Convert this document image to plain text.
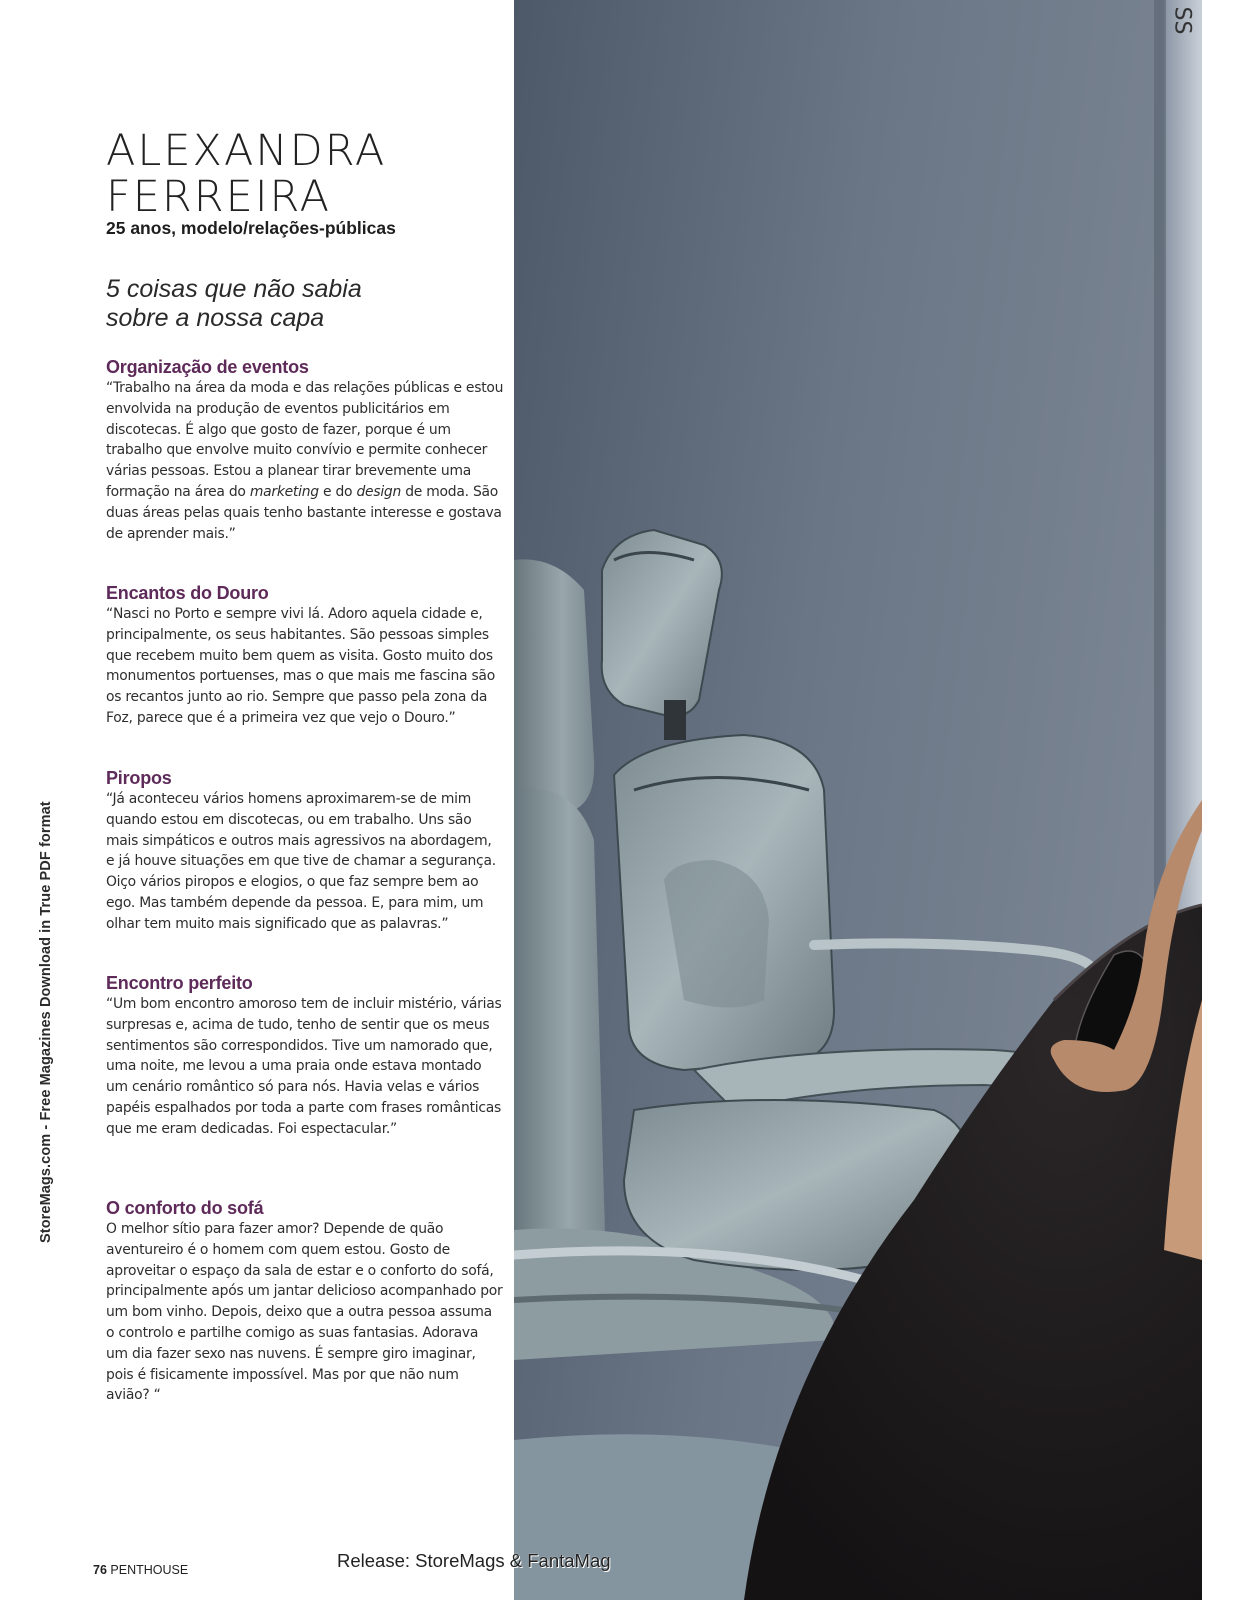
ALEXANDRA
FERREIRA
25 anos, modelo/relações-públicas
5 coisas que não sabia
sobre a nossa capa
Organização de eventos

“Trabalho na área da moda e das relações públicas e estou envolvida na produção de eventos publicitários em discotecas. É algo que gosto de fazer, porque é um trabalho que envolve muito convívio e permite conhecer várias pessoas. Estou a planear tirar brevemente uma formação na área do marketing e do design de moda. São duas áreas pelas quais tenho bastante interesse e gostava de aprender mais.”

Encantos do Douro

“Nasci no Porto e sempre vivi lá. Adoro aquela cidade e, principalmente, os seus habitantes. São pessoas simples que recebem muito bem quem as visita. Gosto muito dos monumentos portuenses, mas o que mais me fascina são os recantos junto ao rio. Sempre que passo pela zona da Foz, parece que é a primeira vez que vejo o Douro.”

Piropos

“Já aconteceu vários homens aproximarem-se de mim quando estou em discotecas, ou em trabalho. Uns são mais simpáticos e outros mais agressivos na abordagem, e já houve situações em que tive de chamar a segurança. Oiço vários piropos e elogios, o que faz sempre bem ao ego. Mas também depende da pessoa. E, para mim, um olhar tem muito mais significado que as palavras.”

Encontro perfeito

“Um bom encontro amoroso tem de incluir mistério, várias surpresas e, acima de tudo, tenho de sentir que os meus sentimentos são correspondidos. Tive um namorado que, uma noite, me levou a uma praia onde estava montado um cenário romântico só para nós. Havia velas e vários papéis espalhados por toda a parte com frases românticas que me eram dedicadas. Foi espectacular.”

O conforto do sofá

O melhor sítio para fazer amor? Depende de quão aventureiro é o homem com quem estou. Gosto de aproveitar o espaço da sala de estar e o conforto do sofá, principalmente após um jantar delicioso acompanhado por um bom vinho. Depois, deixo que a outra pessoa assuma o controlo e partilhe comigo as suas fantasias. Adorava um dia fazer sexo nas nuvens. É sempre giro imaginar, pois é fisicamente impossível. Mas por que não num avião? “

StoreMags.com - Free Magazines Download in True PDF format
SS
76 PENTHOUSE	Release: StoreMags & FantaMag
